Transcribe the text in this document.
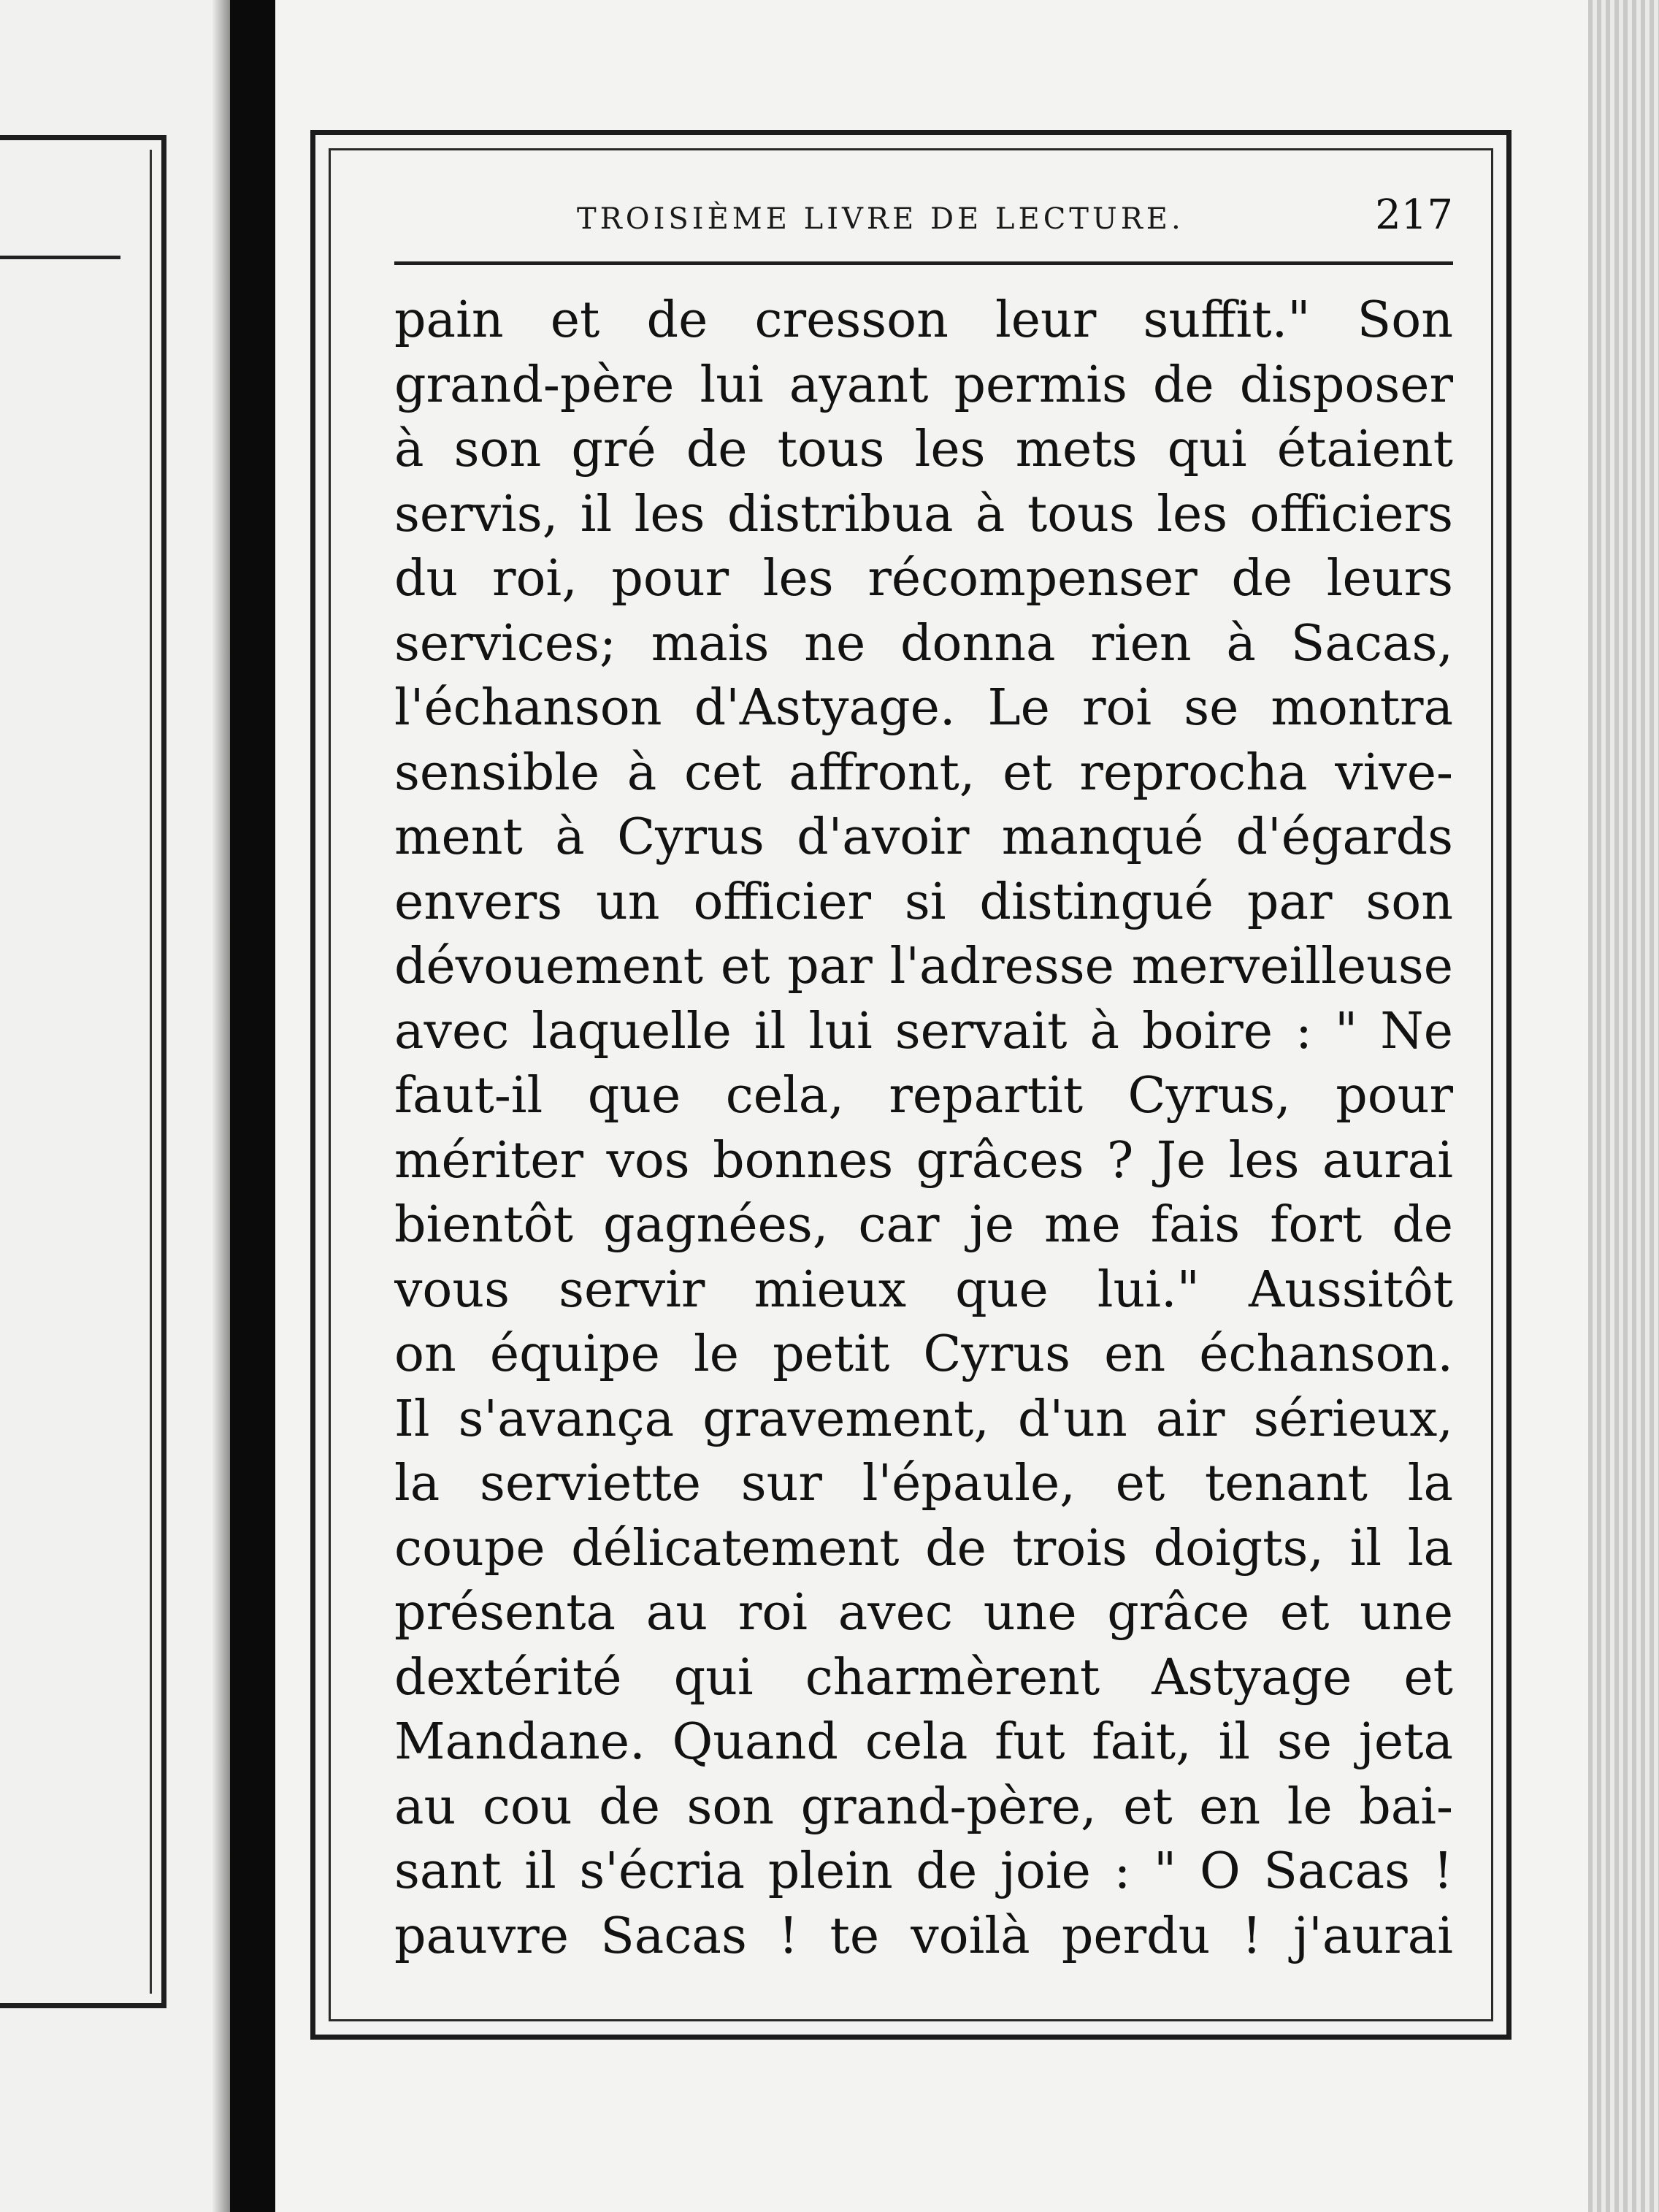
TROISIÈME LIVRE DE LECTURE.	217
pain et de cresson leur suffit." Son
grand-père lui ayant permis de disposer
à son gré de tous les mets qui étaient
servis, il les distribua à tous les officiers
du roi, pour les récompenser de leurs
services; mais ne donna rien à Sacas,
l'échanson d'Astyage. Le roi se montra
sensible à cet affront, et reprocha vive-
ment à Cyrus d'avoir manqué d'égards
envers un officier si distingué par son
dévouement et par l'adresse merveilleuse
avec laquelle il lui servait à boire : " Ne
faut-il que cela, repartit Cyrus, pour
mériter vos bonnes grâces ? Je les aurai
bientôt gagnées, car je me fais fort de
vous servir mieux que lui." Aussitôt
on équipe le petit Cyrus en échanson.
Il s'avança gravement, d'un air sérieux,
la serviette sur l'épaule, et tenant la
coupe délicatement de trois doigts, il la
présenta au roi avec une grâce et une
dextérité qui charmèrent Astyage et
Mandane. Quand cela fut fait, il se jeta
au cou de son grand-père, et en le bai-
sant il s'écria plein de joie : " O Sacas !
pauvre Sacas ! te voilà perdu ! j'aurai
